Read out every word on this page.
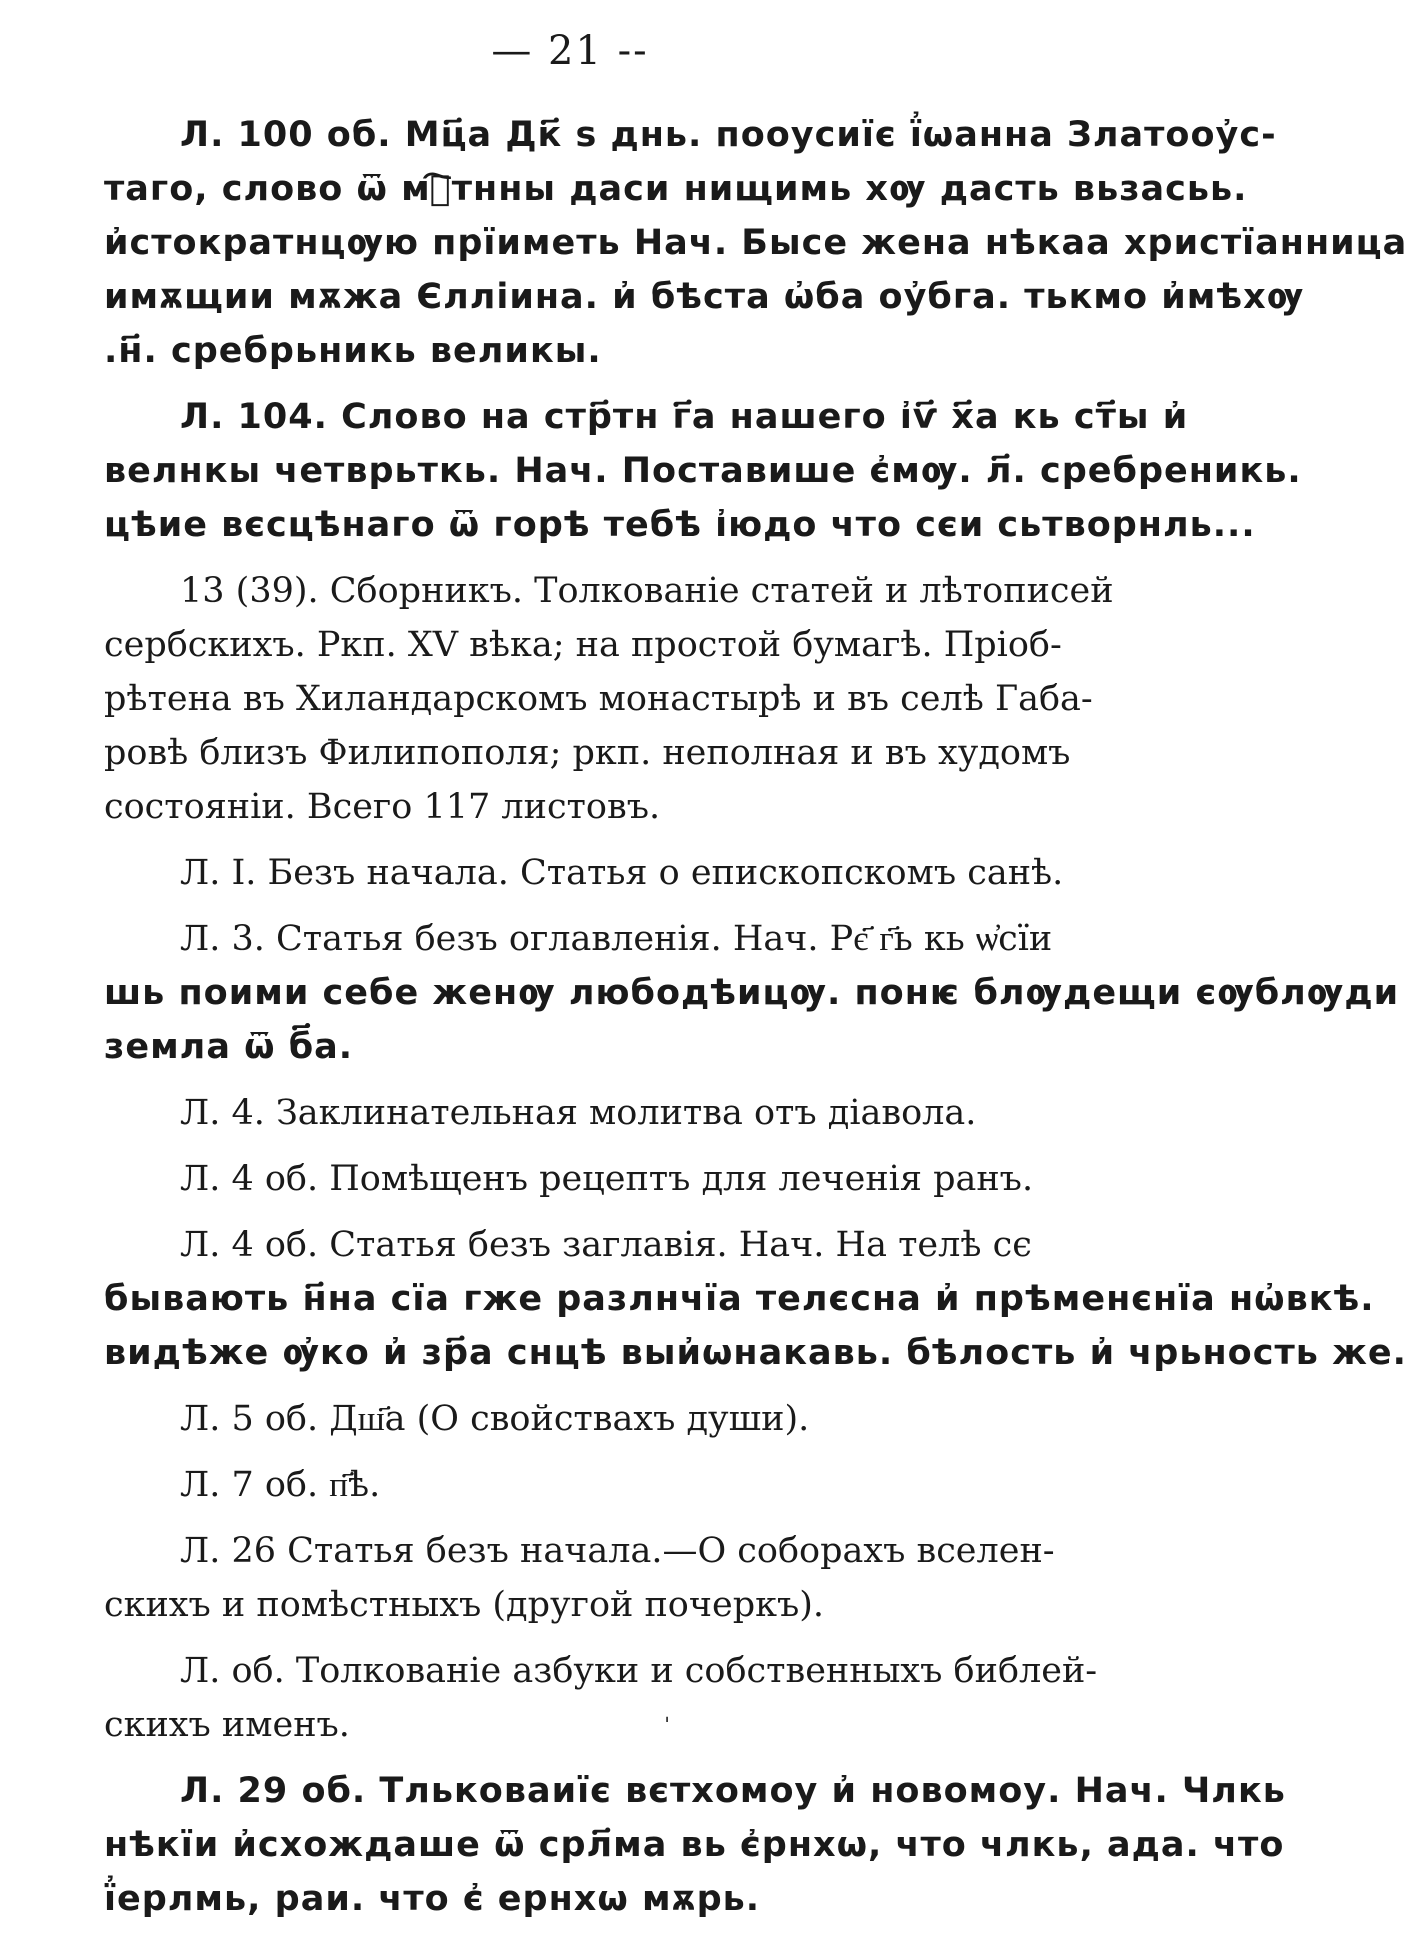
— 21 --
Л. 100 об. Мц҃а Дк҃ ѕ днь. пооусиїє ї҆ѡанна Златооу҆с-
таго, слово ѿ мⷭ҇тнны даси нищимь хѹ дасть вьзасьь.
и҆стократнцѹю прїиметь Нач. Бысе жена нѣкаа христїанница
имѫщии мѫжа Єлліина. и҆ бѣста ѡ҆ба оу҆бга. тькмо и҆мѣхѹ
.н҃. сребрьникь великы.
Л. 104. Слово на стр҃тн г҃а нашего і҆ѵ҃ х҃а кь ст҃ы и҆
велнкы четврьткь. Нач. Поставише є҆мѹ. л҃. сребреникь.
цѣие вєсцѣнаго ѿ горѣ тебѣ і҆юдо что сєи сьтворнль...
13 (39). Сборникъ. Толкованіе статей и лѣтописей
сербскихъ. Ркп. XV вѣка; на простой бумагѣ. Пріоб-
рѣтена въ Хиландарскомъ монастырѣ и въ селѣ Габа-
ровѣ близъ Филипополя; ркп. неполная и въ худомъ
состояніи. Всего 117 листовъ.
Л. І. Безъ начала. Статья о епископскомъ санѣ.
Л. 3. Статья безъ оглавленія. Нач. Рє҃ г҃ь кь ѡ҆сїи
шь поими себе женѹ любодѣицѹ. понѥ блѹдещи єѹблѹди
земла ѿ б҃а.
Л. 4. Заклинательная молитва отъ діавола.
Л. 4 об. Помѣщенъ рецептъ для леченія ранъ.
Л. 4 об. Статья безъ заглавія. Нач. На телѣ сє
бывають н҃на сїа гже разлнчїа телєсна и҆ прѣменєнїа нѡ҆вкѣ.
видѣже ѹ҆ко и҆ зр҃а снцѣ выи҆ѡнакавь. бѣлость и҆ чрьность же.
Л. 5 об. Дш҃а (О свойствахъ души).
Л. 7 об. п҃ѣ.
Л. 26 Статья безъ начала.—О соборахъ вселен-
скихъ и помѣстныхъ (другой почеркъ).
Л. об. Толкованіе азбуки и собственныхъ библей-
скихъ именъ.
Л. 29 об. Тльковаиїє вєтхомоу и҆ новомоу. Нач. Члкь
нѣкїи и҆схождаше ѿ срл҃ма вь є҆рнхѡ, что члкь, ада. что
ї҆ерлмь, раи. что є҆ ернхѡ мѫрь.
ˌ
